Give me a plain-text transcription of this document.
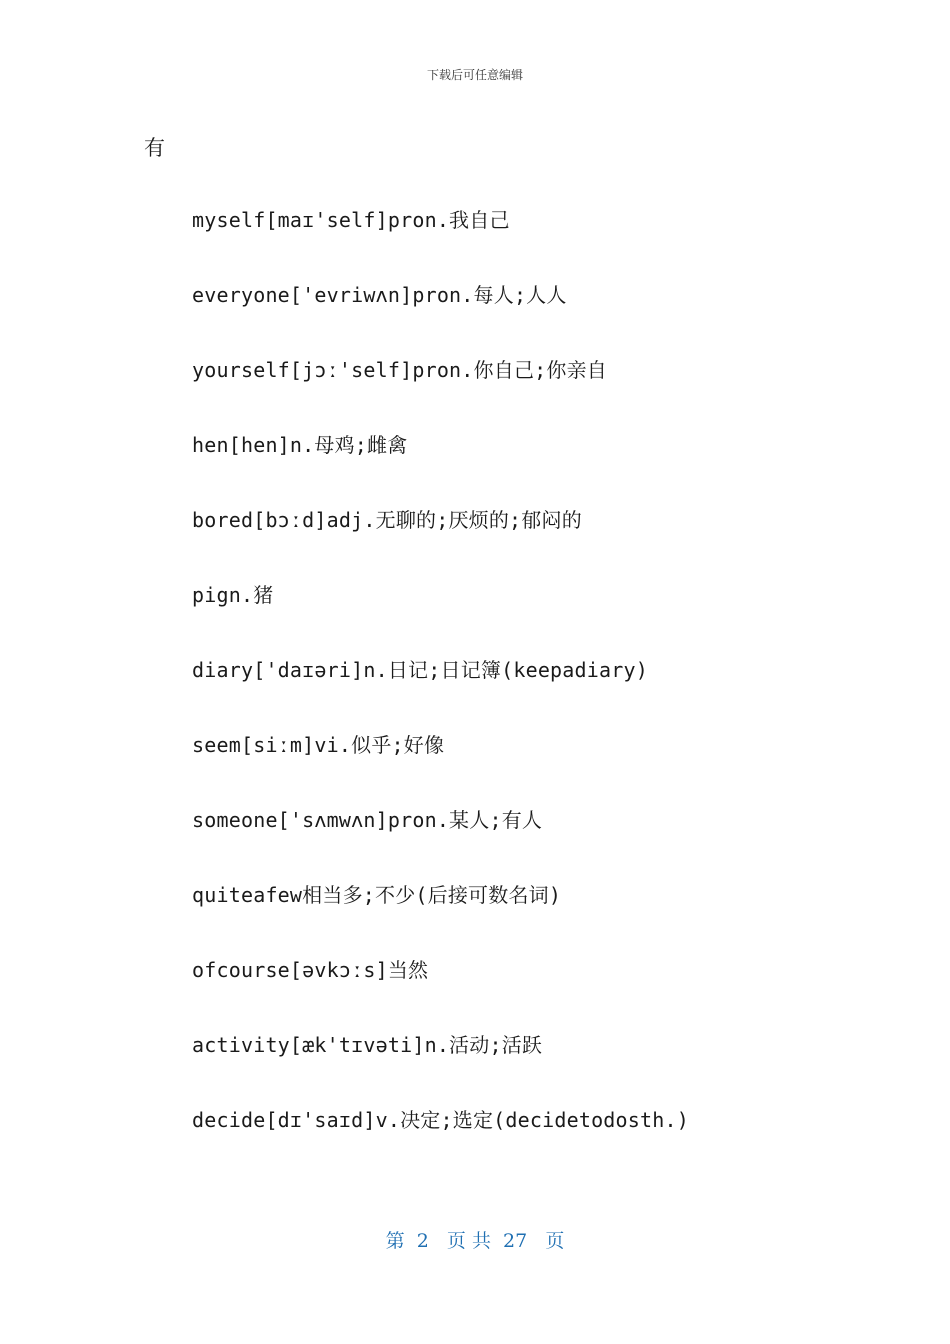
下载后可任意编辑
有
myself[maɪ'self]pron.我自己
everyone['evriwʌn]pron.每人;人人
yourself[jɔː'self]pron.你自己;你亲自
hen[hen]n.母鸡;雌禽
bored[bɔːd]adj.无聊的;厌烦的;郁闷的
pign.猪
diary['daɪəri]n.日记;日记簿(keepadiary)
seem[siːm]vi.似乎;好像
someone['sʌmwʌn]pron.某人;有人
quiteafew相当多;不少(后接可数名词)
ofcourse[əvkɔːs]当然
activity[æk'tɪvəti]n.活动;活跃
decide[dɪ'saɪd]v.决定;选定(decidetodosth.)
第  2   页 共  27   页
